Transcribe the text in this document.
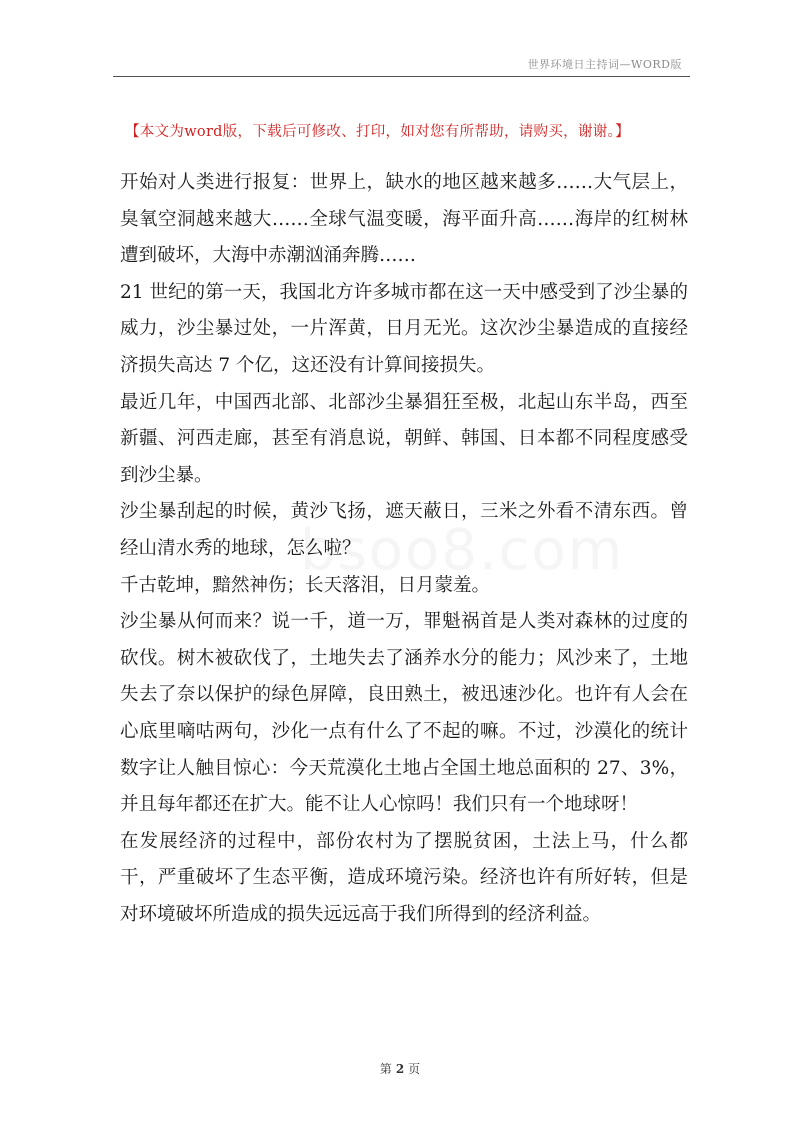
世界环境日主持词—WORD版
【本文为word版，下载后可修改、打印，如对您有所帮助，请购买，谢谢。】
bsoo8.com

开始对人类进行报复：世界上，缺水的地区越来越多……大气层上，臭氧空洞越来越大……全球气温变暖，海平面升高……海岸的红树林遭到破坏，大海中赤潮汹涌奔腾……

21 世纪的第一天，我国北方许多城市都在这一天中感受到了沙尘暴的威力，沙尘暴过处，一片浑黄，日月无光。这次沙尘暴造成的直接经济损失高达 7 个亿，这还没有计算间接损失。

最近几年，中国西北部、北部沙尘暴猖狂至极，北起山东半岛，西至新疆、河西走廊，甚至有消息说，朝鲜、韩国、日本都不同程度感受到沙尘暴。

沙尘暴刮起的时候，黄沙飞扬，遮天蔽日，三米之外看不清东西。曾经山清水秀的地球，怎么啦？

千古乾坤，黯然神伤；长天落泪，日月蒙羞。

沙尘暴从何而来？说一千，道一万，罪魁祸首是人类对森林的过度的砍伐。树木被砍伐了，土地失去了涵养水分的能力；风沙来了，土地失去了奈以保护的绿色屏障，良田熟土，被迅速沙化。也许有人会在心底里嘀咕两句，沙化一点有什么了不起的嘛。不过，沙漠化的统计数字让人触目惊心：今天荒漠化土地占全国土地总面积的 27、3%，并且每年都还在扩大。能不让人心惊吗！我们只有一个地球呀！

在发展经济的过程中，部份农村为了摆脱贫困，土法上马，什么都干，严重破坏了生态平衡，造成环境污染。经济也许有所好转，但是对环境破坏所造成的损失远远高于我们所得到的经济利益。

第 2 页
